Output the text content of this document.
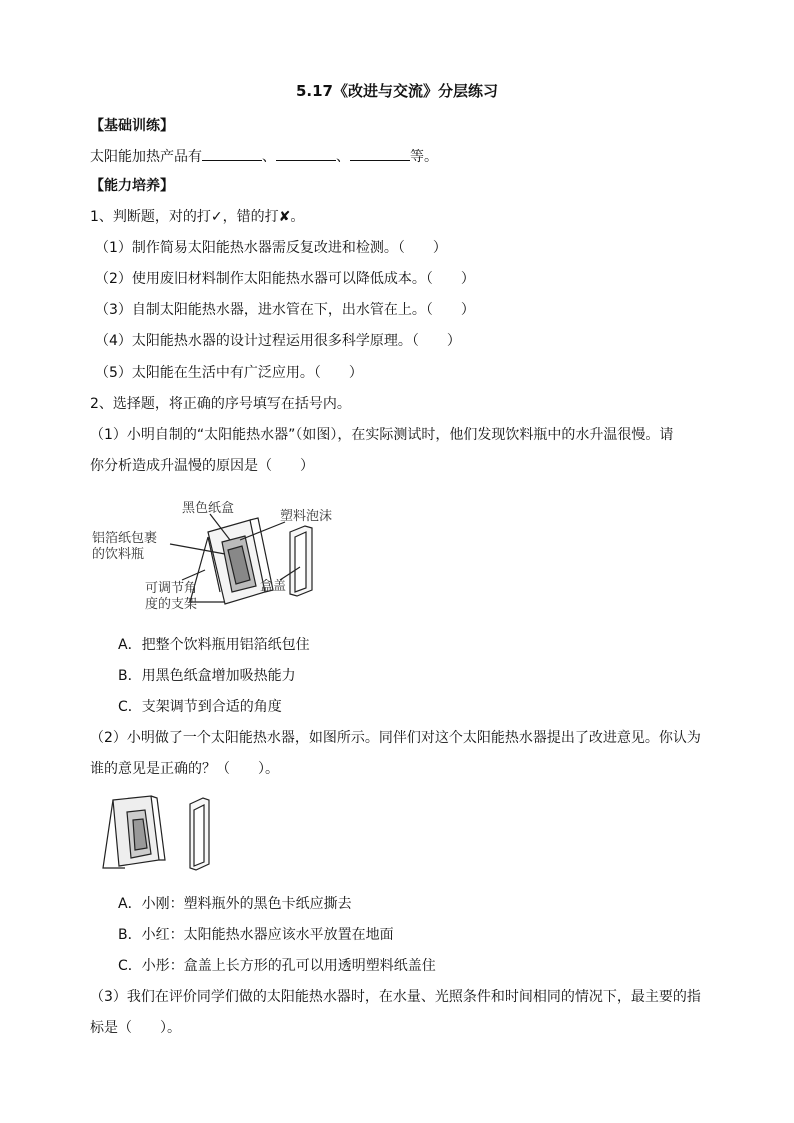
5.17《改进与交流》分层练习
【基础训练】
太阳能加热产品有	、	、	等。
【能力培养】
1、判断题，对的打✓，错的打✘。
（1）制作简易太阳能热水器需反复改进和检测。（　　）
（2）使用废旧材料制作太阳能热水器可以降低成本。（　　）
（3）自制太阳能热水器，进水管在下，出水管在上。（　　）
（4）太阳能热水器的设计过程运用很多科学原理。（　　）
（5）太阳能在生活中有广泛应用。（　　）
2、选择题，将正确的序号填写在括号内。
（1）小明自制的“太阳能热水器”（如图），在实际测试时，他们发现饮料瓶中的水升温很慢。请
你分析造成升温慢的原因是（　　）
黑色纸盒
塑料泡沫
铝箔纸包裹
的饮料瓶
可调节角
度的支架
盒盖
A．把整个饮料瓶用铝箔纸包住
B．用黑色纸盒增加吸热能力
C．支架调节到合适的角度
（2）小明做了一个太阳能热水器，如图所示。同伴们对这个太阳能热水器提出了改进意见。你认为
谁的意见是正确的？（　　）。
A．小刚：塑料瓶外的黑色卡纸应撕去
B．小红：太阳能热水器应该水平放置在地面
C．小彤：盒盖上长方形的孔可以用透明塑料纸盖住
（3）我们在评价同学们做的太阳能热水器时，在水量、光照条件和时间相同的情况下，最主要的指
标是（　　）。
